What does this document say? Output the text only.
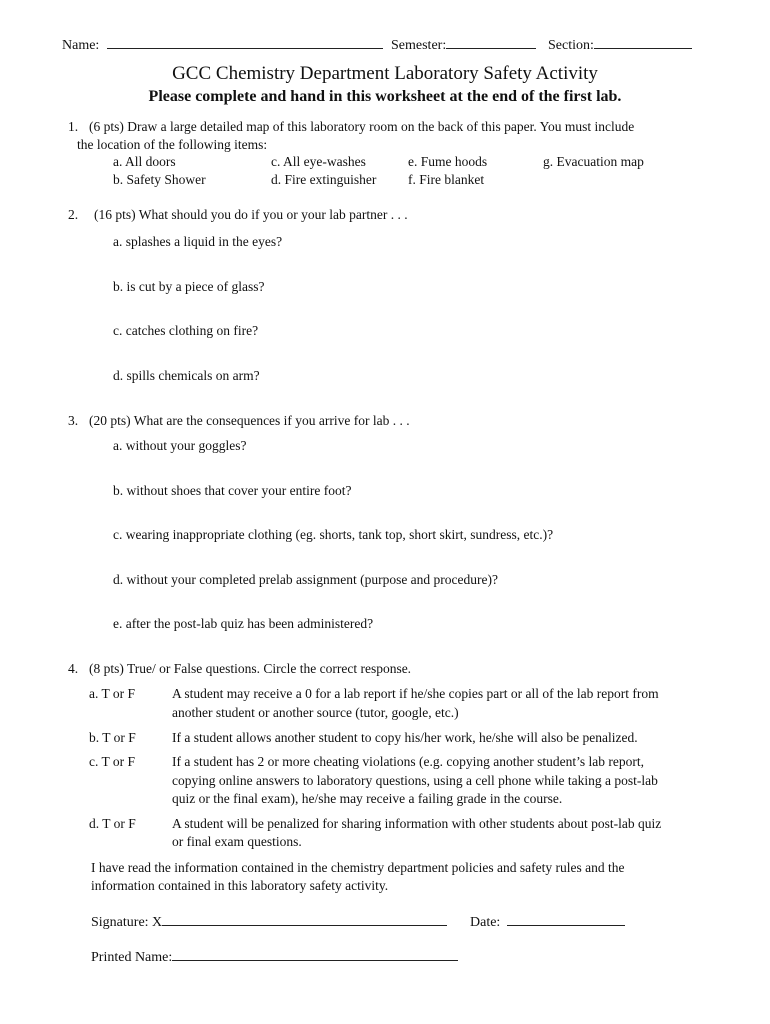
Name:	Semester:	Section:
GCC Chemistry Department Laboratory Safety Activity
Please complete and hand in this worksheet at the end of the first lab.
1. (6 pts) Draw a large detailed map of this laboratory room on the back of this paper. You must include
the location of the following items:
a. All doors
b. Safety Shower
c. All eye-washes
d. Fire extinguisher
e. Fume hoods
f. Fire blanket
g. Evacuation map
2. (16 pts) What should you do if you or your lab partner . . .
a. splashes a liquid in the eyes?
b. is cut by a piece of glass?
c. catches clothing on fire?
d. spills chemicals on arm?
3. (20 pts) What are the consequences if you arrive for lab . . .
a. without your goggles?
b. without shoes that cover your entire foot?
c. wearing inappropriate clothing (eg. shorts, tank top, short skirt, sundress, etc.)?
d. without your completed prelab assignment (purpose and procedure)?
e. after the post-lab quiz has been administered?
4. (8 pts) True/ or False questions. Circle the correct response.
a. T or F	A student may receive a 0 for a lab report if he/she copies part or all of the lab report from
another student or another source (tutor, google, etc.)
b. T or F	If a student allows another student to copy his/her work, he/she will also be penalized.
c. T or F	If a student has 2 or more cheating violations (e.g. copying another student’s lab report,
copying online answers to laboratory questions, using a cell phone while taking a post-lab
quiz or the final exam), he/she may receive a failing grade in the course.
d. T or F	A student will be penalized for sharing information with other students about post-lab quiz
or final exam questions.
I have read the information contained in the chemistry department policies and safety rules and the
information contained in this laboratory safety activity.
Signature: X	Date:
Printed Name:
